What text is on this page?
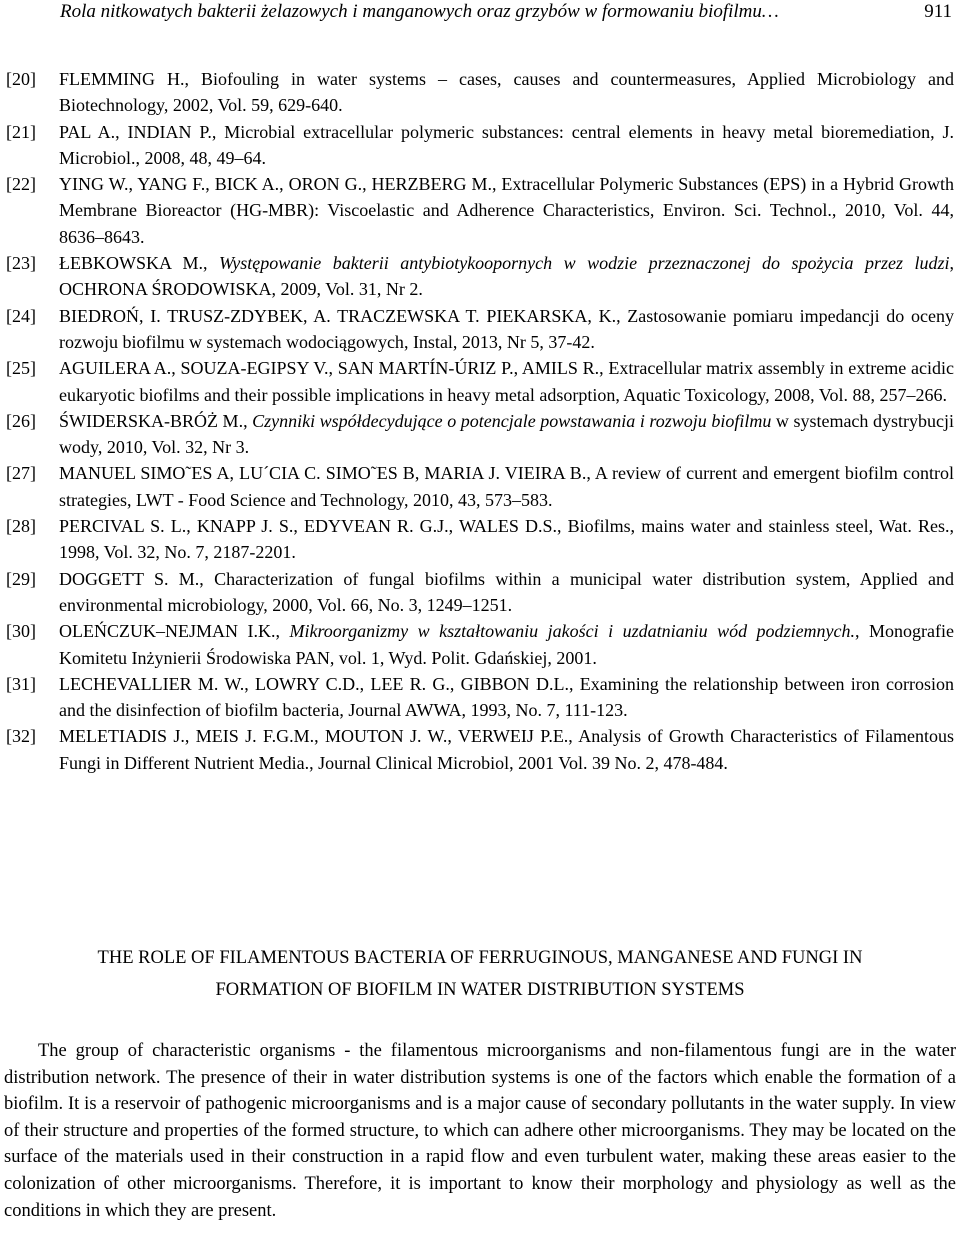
Rola nitkowatych bakterii żelazowych i manganowych oraz grzybów w formowaniu biofilmu…	911

[20] FLEMMING H., Biofouling in water systems – cases, causes and countermeasures, Applied Microbiology and Biotechnology, 2002, Vol. 59, 629-640.

[21] PAL A., INDIAN P., Microbial extracellular polymeric substances: central elements in heavy metal bioremediation, J. Microbiol., 2008, 48, 49–64.

[22] YING W., YANG F., BICK A., ORON G., HERZBERG M., Extracellular Polymeric Substances (EPS) in a Hybrid Growth Membrane Bioreactor (HG-MBR): Viscoelastic and Adherence Characteristics, Environ. Sci. Technol., 2010, Vol. 44, 8636–8643.

[23] ŁEBKOWSKA M., Występowanie bakterii antybiotykoopornych w wodzie przeznaczonej do spożycia przez ludzi, OCHRONA ŚRODOWISKA, 2009, Vol. 31, Nr 2.

[24] BIEDROŃ, I. TRUSZ-ZDYBEK, A. TRACZEWSKA T. PIEKARSKA, K., Zastosowanie pomiaru impedancji do oceny rozwoju biofilmu w systemach wodociągowych, Instal, 2013, Nr 5, 37-42.

[25] AGUILERA A., SOUZA-EGIPSY V., SAN MARTÍN-ÚRIZ P., AMILS R., Extracellular matrix assembly in extreme acidic eukaryotic biofilms and their possible implications in heavy metal adsorption, Aquatic Toxicology, 2008, Vol. 88, 257–266.

[26] ŚWIDERSKA-BRÓŻ M., Czynniki współdecydujące o potencjale powstawania i rozwoju biofilmu w systemach dystrybucji wody, 2010, Vol. 32, Nr 3.

[27] MANUEL SIMO˜ES A, LU´CIA C. SIMO˜ES B, MARIA J. VIEIRA B., A review of current and emergent biofilm control strategies, LWT - Food Science and Technology, 2010, 43, 573–583.

[28] PERCIVAL S. L., KNAPP J. S., EDYVEAN R. G.J., WALES D.S., Biofilms, mains water and stainless steel, Wat. Res., 1998, Vol. 32, No. 7, 2187-2201.

[29] DOGGETT S. M., Characterization of fungal biofilms within a municipal water distribution system, Applied and environmental microbiology, 2000, Vol. 66, No. 3, 1249–1251.

[30] OLEŃCZUK–NEJMAN I.K., Mikroorganizmy w kształtowaniu jakości i uzdatnianiu wód podziemnych., Monografie Komitetu Inżynierii Środowiska PAN, vol. 1, Wyd. Polit. Gdańskiej, 2001.

[31] LECHEVALLIER M. W., LOWRY C.D., LEE R. G., GIBBON D.L., Examining the relationship between iron corrosion and the disinfection of biofilm bacteria, Journal AWWA, 1993, No. 7, 111-123.

[32] MELETIADIS J., MEIS J. F.G.M., MOUTON J. W., VERWEIJ P.E., Analysis of Growth Characteristics of Filamentous Fungi in Different Nutrient Media., Journal Clinical Microbiol, 2001 Vol. 39 No. 2, 478-484.

THE ROLE OF FILAMENTOUS BACTERIA OF FERRUGINOUS, MANGANESE AND FUNGI IN
FORMATION OF BIOFILM IN WATER DISTRIBUTION SYSTEMS

The group of characteristic organisms - the filamentous microorganisms and non-filamentous fungi are in the water distribution network. The presence of their in water distribution systems is one of the factors which enable the formation of a biofilm. It is a reservoir of pathogenic microorganisms and is a major cause of secondary pollutants in the water supply. In view of their structure and properties of the formed structure, to which can adhere other microorganisms. They may be located on the surface of the materials used in their construction in a rapid flow and even turbulent water, making these areas easier to the colonization of other microorganisms. Therefore, it is important to know their morphology and physiology as well as the conditions in which they are present.
